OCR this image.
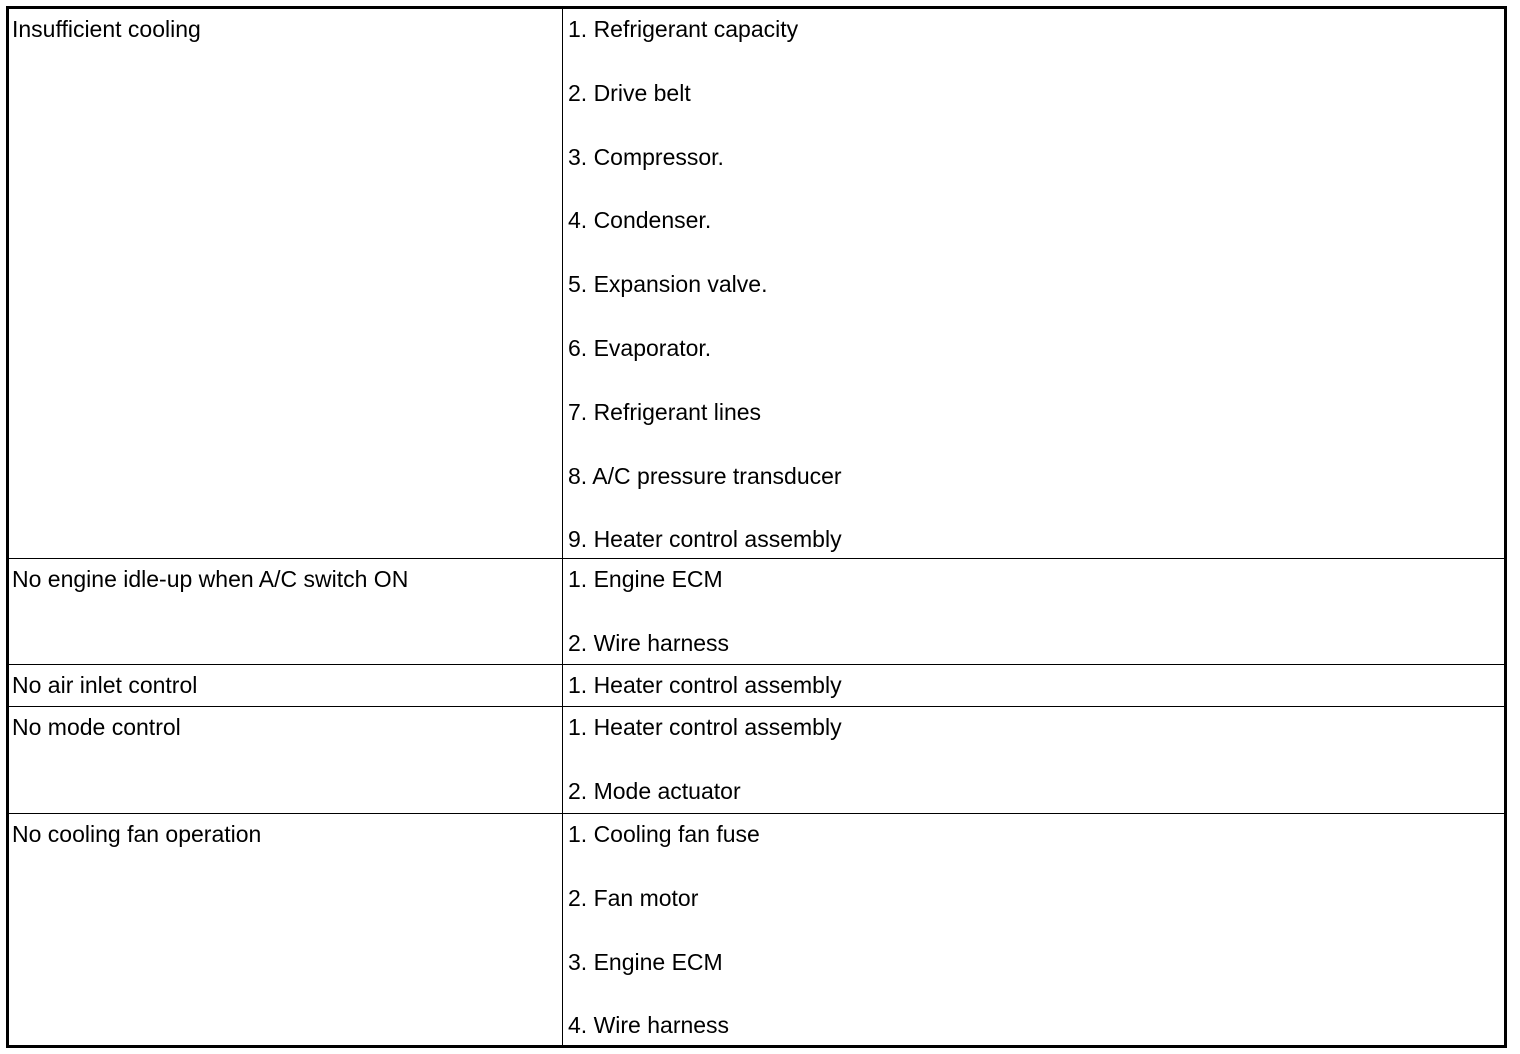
Insufficient cooling	1. Refrigerant capacity
2. Drive belt
3. Compressor.
4. Condenser.
5. Expansion valve.
6. Evaporator.
7. Refrigerant lines
8. A/C pressure transducer
9. Heater control assembly
No engine idle-up when A/C switch ON	1. Engine ECM
2. Wire harness
No air inlet control	1. Heater control assembly
No mode control	1. Heater control assembly
2. Mode actuator
No cooling fan operation	1. Cooling fan fuse
2. Fan motor
3. Engine ECM
4. Wire harness
